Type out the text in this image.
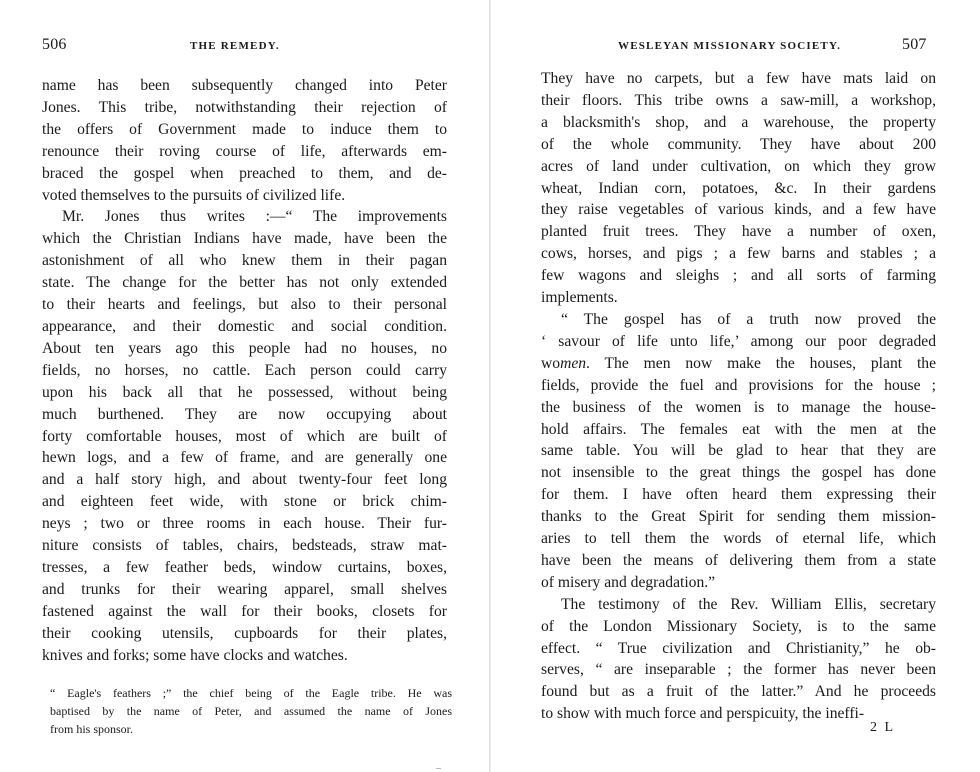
506	THE REMEDY.
name has been subsequently changed into Peter
Jones. This tribe, notwithstanding their rejection of
the offers of Government made to induce them to
renounce their roving course of life, afterwards em-
braced the gospel when preached to them, and de-
voted themselves to the pursuits of civilized life.
Mr. Jones thus writes :—“ The improvements
which the Christian Indians have made, have been the
astonishment of all who knew them in their pagan
state. The change for the better has not only extended
to their hearts and feelings, but also to their personal
appearance, and their domestic and social condition.
About ten years ago this people had no houses, no
fields, no horses, no cattle. Each person could carry
upon his back all that he possessed, without being
much burthened. They are now occupying about
forty comfortable houses, most of which are built of
hewn logs, and a few of frame, and are generally one
and a half story high, and about twenty-four feet long
and eighteen feet wide, with stone or brick chim-
neys ; two or three rooms in each house. Their fur-
niture consists of tables, chairs, bedsteads, straw mat-
tresses, a few feather beds, window curtains, boxes,
and trunks for their wearing apparel, small shelves
fastened against the wall for their books, closets for
their cooking utensils, cupboards for their plates,
knives and forks; some have clocks and watches.
“ Eagle's feathers ;” the chief being of the Eagle tribe. He was
baptised by the name of Peter, and assumed the name of Jones
from his sponsor.
WESLEYAN MISSIONARY SOCIETY.	507
They have no carpets, but a few have mats laid on
their floors. This tribe owns a saw-mill, a workshop,
a blacksmith's shop, and a warehouse, the property
of the whole community. They have about 200
acres of land under cultivation, on which they grow
wheat, Indian corn, potatoes, &c. In their gardens
they raise vegetables of various kinds, and a few have
planted fruit trees. They have a number of oxen,
cows, horses, and pigs ; a few barns and stables ; a
few wagons and sleighs ; and all sorts of farming
implements.
“ The gospel has of a truth now proved the
‘ savour of life unto life,’ among our poor degraded
women. The men now make the houses, plant the
fields, provide the fuel and provisions for the house ;
the business of the women is to manage the house-
hold affairs. The females eat with the men at the
same table. You will be glad to hear that they are
not insensible to the great things the gospel has done
for them. I have often heard them expressing their
thanks to the Great Spirit for sending them mission-
aries to tell them the words of eternal life, which
have been the means of delivering them from a state
of misery and degradation.”
The testimony of the Rev. William Ellis, secretary
of the London Missionary Society, is to the same
effect. “ True civilization and Christianity,” he ob-
serves, “ are inseparable ; the former has never been
found but as a fruit of the latter.” And he proceeds
to show with much force and perspicuity, the ineffi-
2 L
